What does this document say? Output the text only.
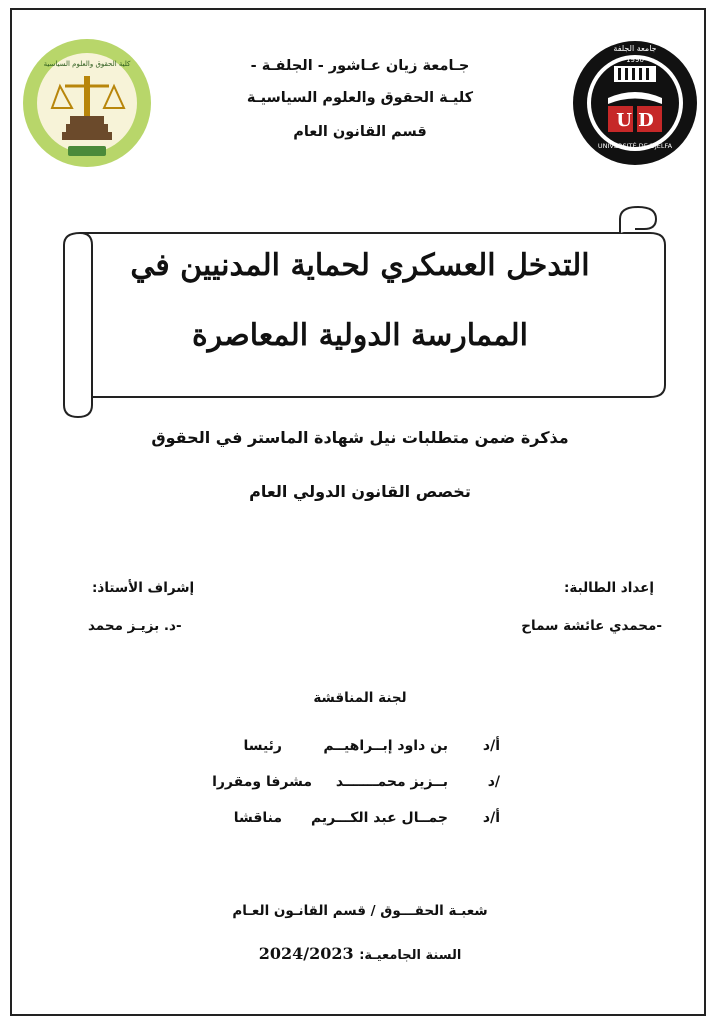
U D
1990
UNIVERSITÉ DE DJELFA
جامعة الجلفة
كلية الحقوق والعلوم السياسية	جـامعة زيان عـاشور - الجلفـة -
كليـة الحقوق والعلوم السياسيـة
قسم القانون العام
التدخل العسكري لحماية المدنيين في
الممارسة الدولية المعاصرة
مذكرة ضمن متطلبات نيل شهادة الماستر في الحقوق
تخصص القانون الدولي العام
إعداد الطالبة:
-محمدي عائشة سماح
إشراف الأستاذ:
-د. بزيـز محمد
لجنة المناقشة
أ/د
بن داود إبــراهيــم
رئيسا
د/
بــزيز محمـــــــد
مشرفا ومقررا
أ/د
جمــال عبد الكـــريم
مناقشا
شعبـة الحقـــوق / قسم القانـون العـام
السنة الجامعيـة: 2024/2023
